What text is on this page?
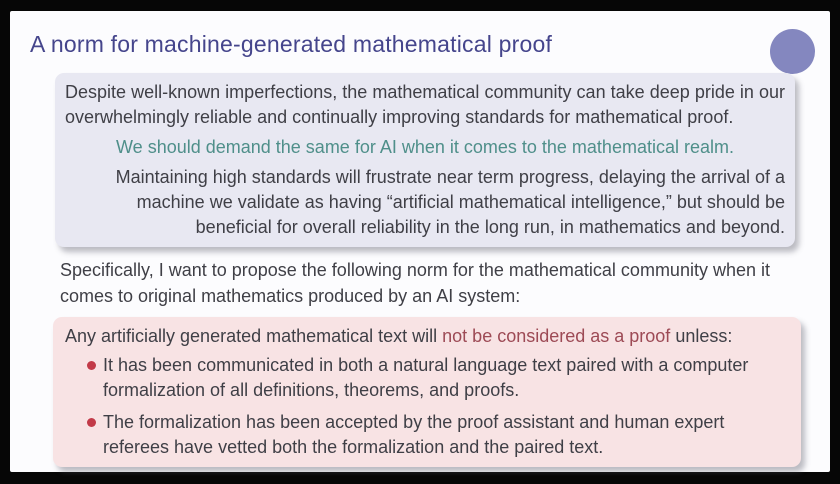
A norm for machine-generated mathematical proof

Despite well-known imperfections, the mathematical community can take deep pride in our overwhelmingly reliable and continually improving standards for mathematical proof.

We should demand the same for AI when it comes to the mathematical realm.

Maintaining high standards will frustrate near term progress, delaying the arrival of a machine we validate as having “artificial mathematical intelligence,” but should be beneficial for overall reliability in the long run, in mathematics and beyond.

Specifically, I want to propose the following norm for the mathematical community when it comes to original mathematics produced by an AI system:

Any artificially generated mathematical text will not be considered as a proof unless:

It has been communicated in both a natural language text paired with a computer formalization of all definitions, theorems, and proofs.
The formalization has been accepted by the proof assistant and human expert referees have vetted both the formalization and the paired text.
